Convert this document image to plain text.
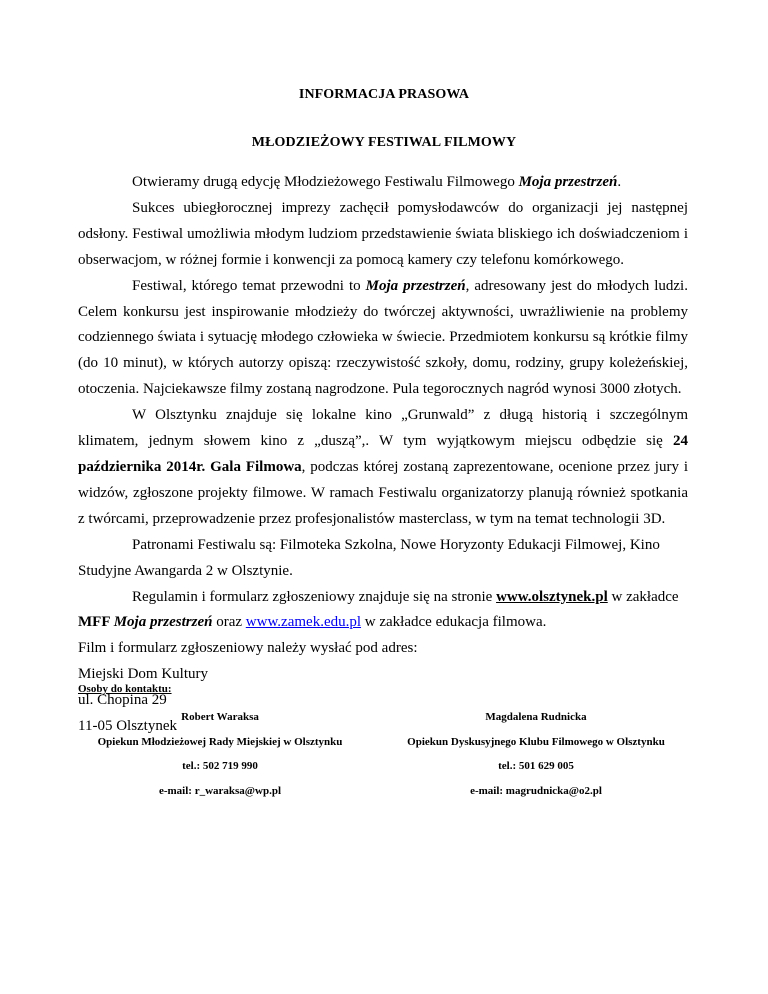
INFORMACJA PRASOWA
MŁODZIEŻOWY FESTIWAL FILMOWY

Otwieramy drugą edycję Młodzieżowego Festiwalu Filmowego Moja przestrzeń.

Sukces ubiegłorocznej imprezy zachęcił pomysłodawców do organizacji jej następnej odsłony. Festiwal umożliwia młodym ludziom przedstawienie świata bliskiego ich doświadczeniom i obserwacjom, w różnej formie i konwencji za pomocą kamery czy telefonu komórkowego.

Festiwal, którego temat przewodni to Moja przestrzeń, adresowany jest do młodych ludzi. Celem konkursu jest inspirowanie młodzieży do twórczej aktywności, uwrażliwienie na problemy codziennego świata i sytuację młodego człowieka w świecie. Przedmiotem konkursu są krótkie filmy (do 10 minut), w których autorzy opiszą: rzeczywistość szkoły, domu, rodziny, grupy koleżeńskiej, otoczenia. Najciekawsze filmy zostaną nagrodzone. Pula tegorocznych nagród wynosi 3000 złotych.

W Olsztynku znajduje się lokalne kino „Grunwald” z długą historią i szczególnym klimatem, jednym słowem kino z „duszą”,. W tym wyjątkowym miejscu odbędzie się 24 października 2014r. Gala Filmowa, podczas której zostaną zaprezentowane, ocenione przez jury i widzów, zgłoszone projekty filmowe. W ramach Festiwalu organizatorzy planują również spotkania z twórcami, przeprowadzenie przez profesjonalistów masterclass, w tym na temat technologii 3D.

Patronami Festiwalu są: Filmoteka Szkolna, Nowe Horyzonty Edukacji Filmowej, Kino Studyjne Awangarda 2 w Olsztynie.

Regulamin i formularz zgłoszeniowy znajduje się na stronie www.olsztynek.pl w zakładce MFF Moja przestrzeń oraz www.zamek.edu.pl w zakładce edukacja filmowa.

Film i formularz zgłoszeniowy należy wysłać pod adres:

Miejski Dom Kultury

ul. Chopina 29

11-05 Olsztynek

Osoby do kontaktu:
Robert Waraksa
Opiekun Młodzieżowej Rady Miejskiej w Olsztynku
tel.: 502 719 990
e-mail: r_waraksa@wp.pl
Magdalena Rudnicka
Opiekun Dyskusyjnego Klubu Filmowego w Olsztynku
tel.: 501 629 005
e-mail: magrudnicka@o2.pl
